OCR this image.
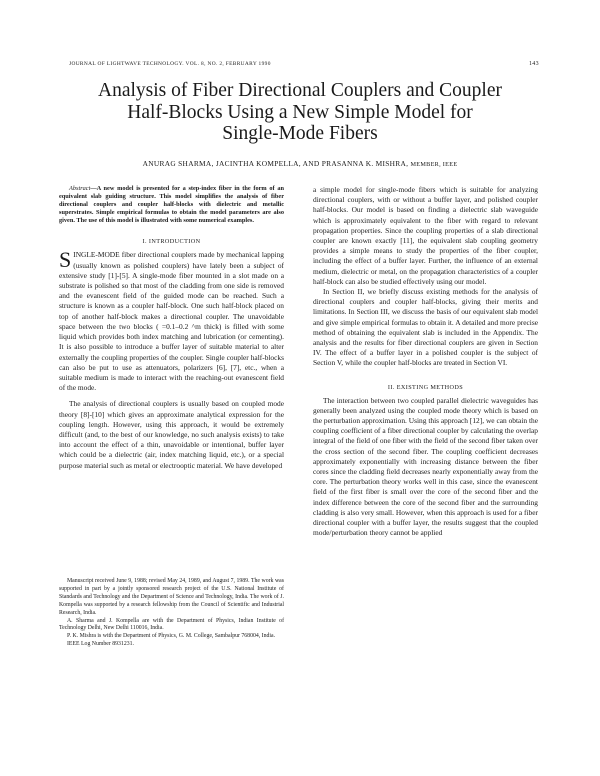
JOURNAL OF LIGHTWAVE TECHNOLOGY. VOL. 8, NO. 2, FEBRUARY 1990	143
Analysis of Fiber Directional Couplers and Coupler
Half-Blocks Using a New Simple Model for
Single-Mode Fibers
ANURAG SHARMA, JACINTHA KOMPELLA, AND PRASANNA K. MISHRA, MEMBER, IEEE

Abstract—A new model is presented for a step-index fiber in the form of an equivalent slab guiding structure. This model simplifies the analysis of fiber directional couplers and coupler half-blocks with dielectric and metallic superstrates. Simple empirical formulas to obtain the model parameters are also given. The use of this model is illustrated with some numerical examples.

I. INTRODUCTION

SINGLE-MODE fiber directional couplers made by mechanical lapping (usually known as polished couplers) have lately been a subject of extensive study [1]-[5]. A single-mode fiber mounted in a slot made on a substrate is polished so that most of the cladding from one side is removed and the evanescent field of the guided mode can be reached. Such a structure is known as a coupler half-block. One such half-block placed on top of another half-block makes a directional coupler. The unavoidable space between the two blocks ( =0.1–0.2 ^m thick) is filled with some liquid which provides both index matching and lubrication (or cementing). It is also possible to introduce a buffer layer of suitable material to alter externally the coupling properties of the coupler. Single coupler half-blocks can also be put to use as attenuators, polarizers [6], [7], etc., when a suitable medium is made to interact with the reaching-out evanescent field of the mode.

The analysis of directional couplers is usually based on coupled mode theory [8]-[10] which gives an approximate analytical expression for the coupling length. However, using this approach, it would be extremely difficult (and, to the best of our knowledge, no such analysis exists) to take into account the effect of a thin, unavoidable or intentional, buffer layer which could be a dielectric (air, index matching liquid, etc.), or a special purpose material such as metal or electrooptic material. We have developed

Manuscript received June 9, 1988; revised May 24, 1989, and August 7, 1989. The work was supported in part by a jointly sponsored research project of the U.S. National Institute of Standards and Technology and the Department of Science and Technology, India. The work of J. Kompella was supported by a research fellowship from the Council of Scientific and Industrial Research, India.

A. Sharma and J. Kompella are with the Department of Physics, Indian Institute of Technology Delhi, New Delhi 110016, India.

P. K. Mishra is with the Department of Physics, G. M. College, Sambalpur 768004, India.

IEEE Log Number 8931231.

a simple model for single-mode fibers which is suitable for analyzing directional couplers, with or without a buffer layer, and polished coupler half-blocks. Our model is based on finding a dielectric slab waveguide which is approximately equivalent to the fiber with regard to relevant propagation properties. Since the coupling properties of a slab directional coupler are known exactly [11], the equivalent slab coupling geometry provides a simple means to study the properties of the fiber coupler, including the effect of a buffer layer. Further, the influence of an external medium, dielectric or metal, on the propagation characteristics of a coupler half-block can also be studied effectively using our model.

In Section II, we briefly discuss existing methods for the analysis of directional couplers and coupler half-blocks, giving their merits and limitations. In Section III, we discuss the basis of our equivalent slab model and give simple empirical formulas to obtain it. A detailed and more precise method of obtaining the equivalent slab is included in the Appendix. The analysis and the results for fiber directional couplers are given in Section IV. The effect of a buffer layer in a polished coupler is the subject of Section V, while the coupler half-blocks are treated in Section VI.

II. EXISTING METHODS

The interaction between two coupled parallel dielectric waveguides has generally been analyzed using the coupled mode theory which is based on the perturbation approximation. Using this approach [12], we can obtain the coupling coefficient of a fiber directional coupler by calculating the overlap integral of the field of one fiber with the field of the second fiber taken over the cross section of the second fiber. The coupling coefficient decreases approximately exponentially with increasing distance between the fiber cores since the cladding field decreases nearly exponentially away from the core. The perturbation theory works well in this case, since the evanescent field of the first fiber is small over the core of the second fiber and the index difference between the core of the second fiber and the surrounding cladding is also very small. However, when this approach is used for a fiber directional coupler with a buffer layer, the results suggest that the coupled mode/perturbation theory cannot be applied
